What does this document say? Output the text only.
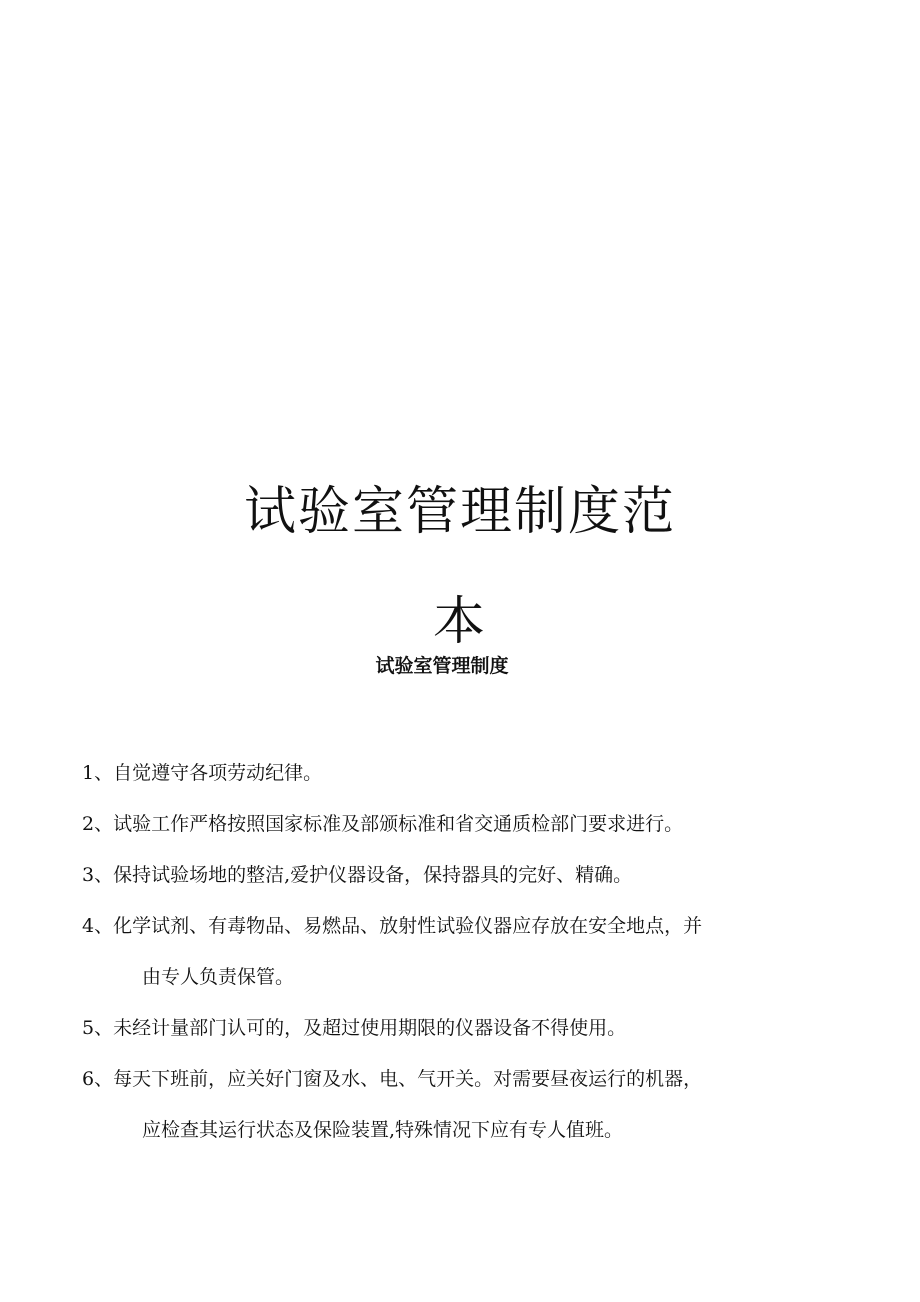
试验室管理制度范
本
试验室管理制度
1、自觉遵守各项劳动纪律。
2、试验工作严格按照国家标准及部颁标准和省交通质检部门要求进行。
3、保持试验场地的整洁,爱护仪器设备，保持器具的完好、精确。
4、化学试剂、有毒物品、易燃品、放射性试验仪器应存放在安全地点，并
由专人负责保管。
5、未经计量部门认可的，及超过使用期限的仪器设备不得使用。
6、每天下班前，应关好门窗及水、电、气开关。对需要昼夜运行的机器，
应检查其运行状态及保险装置,特殊情况下应有专人值班。
